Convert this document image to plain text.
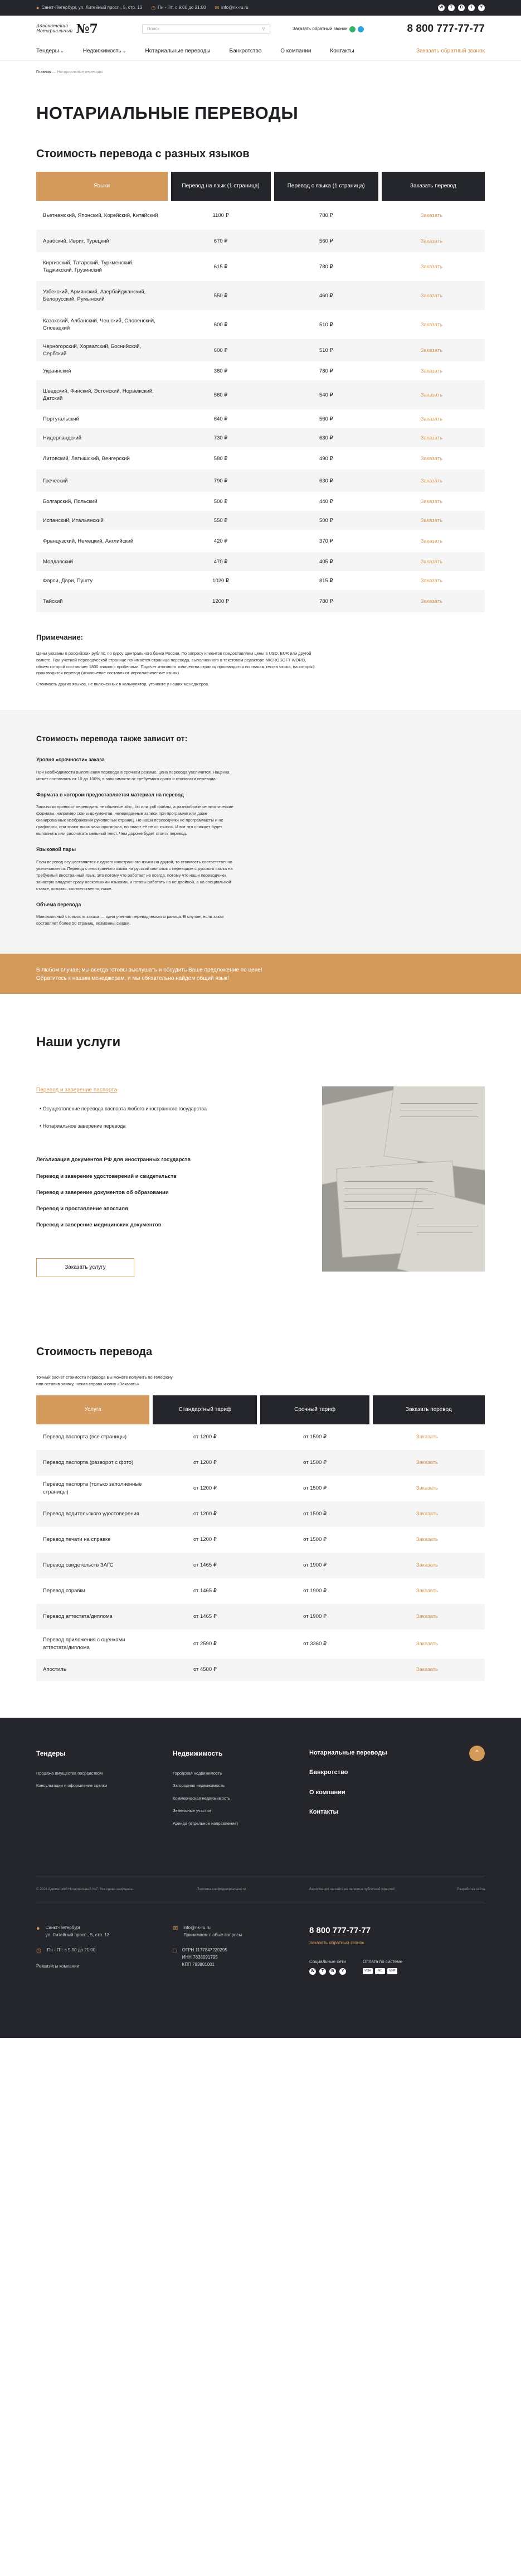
● Санкт-Петербург, ул. Литейный просп., 5, стр. 13 ◷ Пн - Пт: с 9:00 до 21:00 ✉ info@nk-ru.ru	W	T	B	I	Y
Адвокатский
Нотариальный №7	Поиск	⚲	Заказать обратный звонок	8 800 777-77-77
Тендеры ⌄	Недвижимость ⌄	Нотариальные переводы	Банкротство	О компании	Контакты	Заказать обратный звонок
Главная — Нотариальные переводы
НОТАРИАЛЬНЫЕ ПЕРЕВОДЫ
Стоимость перевода с разных языков
Языки	Перевод на язык (1 страница)	Перевод с языка (1 страница)	Заказать перевод
Вьетнамский, Японский, Корейский, Китайский	1100 ₽	780 ₽	Заказать
Арабский, Иврит, Турецкий	670 ₽	560 ₽	Заказать
Киргизский, Татарский, Туркменский, Таджикский, Грузинский	615 ₽	780 ₽	Заказать
Узбекский, Армянский, Азербайджанский, Белорусский, Румынский	550 ₽	460 ₽	Заказать
Казахский, Албанский, Чешский, Словенский, Словацкий	600 ₽	510 ₽	Заказать
Черногорский, Хорватский, Боснийский, Сербский	600 ₽	510 ₽	Заказать
Украинский	380 ₽	780 ₽	Заказать
Шведский, Финский, Эстонский, Норвежский, Датский	560 ₽	540 ₽	Заказать
Португальский	640 ₽	560 ₽	Заказать
Нидерландский	730 ₽	630 ₽	Заказать
Литовский, Латышский, Венгерский	580 ₽	490 ₽	Заказать
Греческий	790 ₽	630 ₽	Заказать
Болгарский, Польский	500 ₽	440 ₽	Заказать
Испанский, Итальянский	550 ₽	500 ₽	Заказать
Французский, Немецкий, Английский	420 ₽	370 ₽	Заказать
Молдавский	470 ₽	405 ₽	Заказать
Фарси, Дари, Пушту	1020 ₽	815 ₽	Заказать
Тайский	1200 ₽	780 ₽	Заказать
Примечание:

Цены указаны в российских рублях, по курсу Центрального банка России. По запросу клиентов предоставляем цены в USD, EUR или другой валюте. При учетной переводческой странице понимается страница перевода, выполненного в текстовом редакторе MICROSOFT WORD, объем которой составляет 1800 знаков с пробелами. Подсчет итогового количества страниц производится по знакам текста языка, на который производится перевод (исключение составляют иероглифические языки).

Стоимость других языков, не включенных в калькулятор, уточните у наших менеджеров.

Стоимость перевода также зависит от:
Уровня «срочности» заказа

При необходимости выполнения перевода в срочном режиме, цена перевода увеличится. Наценка может составлять от 10 до 100%, в зависимости от требуемого срока и стоимости перевода.

Формата в котором предоставляется материал на перевод

Заказчики приносят переводить не обычные .doc, .txt или .pdf файлы, а разнообразные экзотические форматы, например сканы документов, непереданные записи при программе или даже сканированные изображения рукописных страниц. Но наши переводчики не программисты и не графологи, они знают лишь язык оригинала, но знают её не «с точно». И вот это снижает будет выполнить или рассчитать цельный текст. Чем дороже будет стоить перевод.

Языковой пары

Если перевод осуществляется с одного иностранного языка на другой, то стоимость соответственно увеличивается. Перевод с иностранного языка на русский или язык с переводом с русского языка на требуемый иностранный язык. Это потому что работает не всегда, потому что наши переводчики зачастую владеют сразу несколькими языками, и готовы работать на не двойной, а на специальной ставке, которая, соответственно, ниже.

Объема перевода

Минимальный стоимость заказа — одна учетная переводческая страница. В случае, если заказ составляет более 50 страниц, возможны скидки.

В любом случае, мы всегда готовы выслушать и обсудить Ваше предложение по цене!
Обратитесь к нашим менеджерам, и мы обязательно найдем общий язык!
Наши услуги
Перевод и заверение паспорта
• Осуществление перевода паспорта любого иностранного государства
• Нотариальное заверение перевода
Легализация документов РФ для иностранных государств
Перевод и заверение удостоверений и свидетельств
Перевод и заверение документов об образовании
Перевод и проставление апостиля
Перевод и заверение медицинских документов
Заказать услугу
Стоимость перевода
Точный расчет стоимости перевода Вы можете получить по телефону
или оставив заявку, нажав справа кнопку «Заказать»
Услуга	Стандартный тариф	Срочный тариф	Заказать перевод
Перевод паспорта (все страницы)	от 1200 ₽	от 1500 ₽	Заказать
Перевод паспорта (разворот с фото)	от 1200 ₽	от 1500 ₽	Заказать
Перевод паспорта (только заполненные страницы)	от 1200 ₽	от 1500 ₽	Заказать
Перевод водительского удостоверения	от 1200 ₽	от 1500 ₽	Заказать
Перевод печати на справке	от 1200 ₽	от 1500 ₽	Заказать
Перевод свидетельств ЗАГС	от 1465 ₽	от 1900 ₽	Заказать
Перевод справки	от 1465 ₽	от 1900 ₽	Заказать
Перевод аттестата/диплома	от 1465 ₽	от 1900 ₽	Заказать
Перевод приложения с оценками аттестата/диплома	от 2590 ₽	от 3360 ₽	Заказать
Апостиль	от 4500 ₽		Заказать
⌃
Тендеры
Продажа имущества посредством
Консультации и оформление сделки
Недвижимость
Городская недвижимость
Загородная недвижимость
Коммерческая недвижимость
Земельные участки
Аренда (отдельное направление)
Нотариальные переводы
Банкротство
О компании
Контакты
© 2024 Адвокатский Нотариальный №7. Все права защищены.	Политика конфиденциальности	Информация на сайте не является публичной офертой	Разработка сайта
● Санкт-Петербург
ул. Литейный просп., 5, стр. 13
◷ Пн - Пт: с 9:00 до 21:00
Реквизиты компании
✉ info@nk-ru.ru
Принимаем любые вопросы
□ ОГРН 1177847220295
ИНН 7838091795
КПП 783801001
8 800 777-77-77
Заказать обратный звонок
Социальные сети
W	T	B	Y
Оплата по системе
VISA	MC	МИР
